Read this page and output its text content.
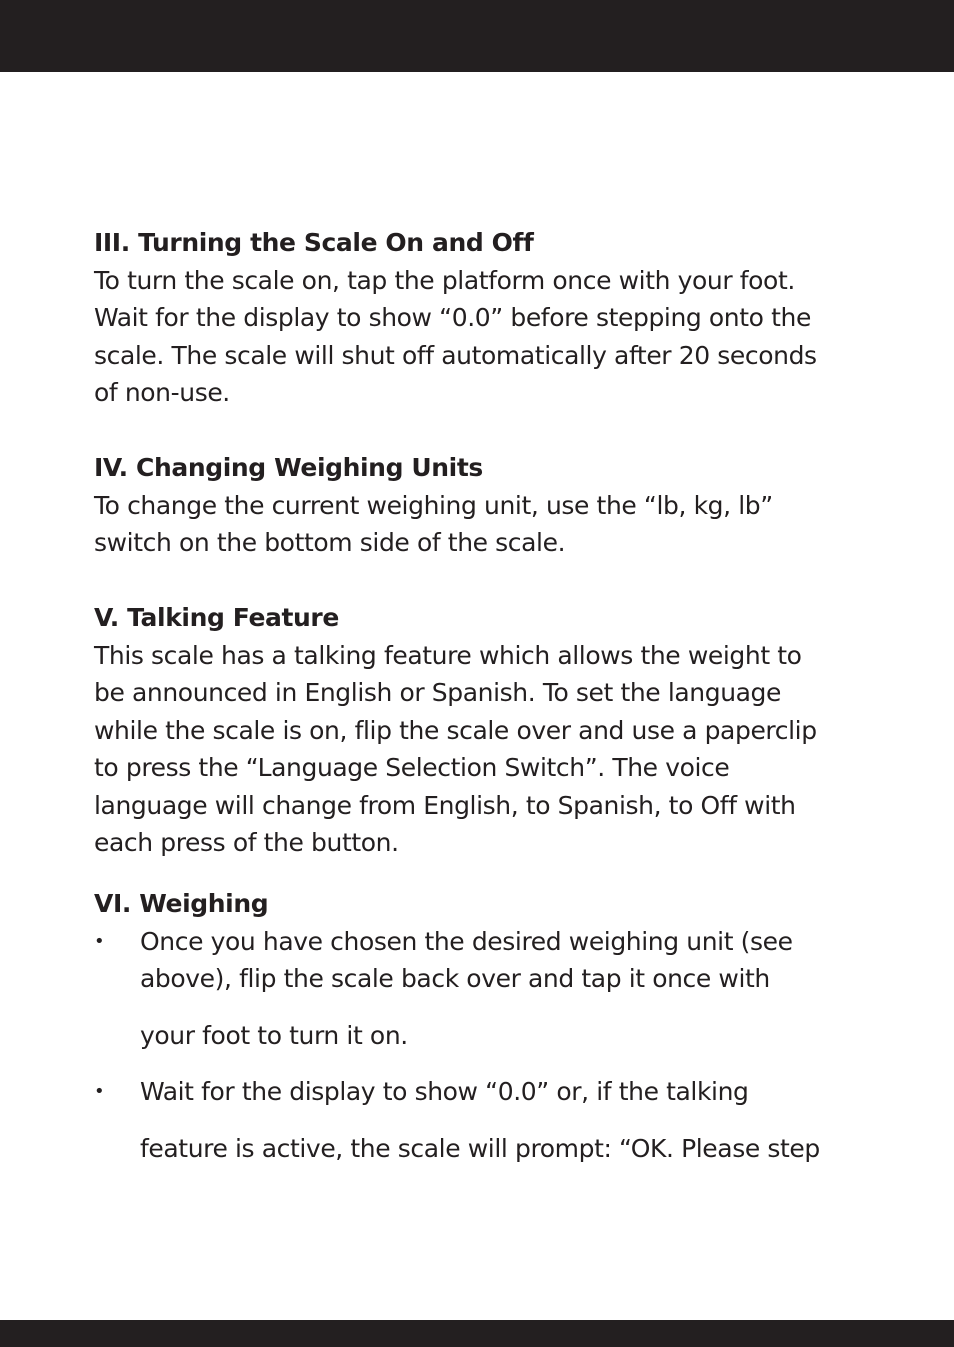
III. Turning the Scale On and Off

To turn the scale on, tap the platform once with your foot.
Wait for the display to show “0.0” before stepping onto the
scale. The scale will shut off automatically after 20 seconds
of non-use.

IV. Changing Weighing Units

To change the current weighing unit, use the “lb, kg, lb”
switch on the bottom side of the scale.

V. Talking Feature

This scale has a talking feature which allows the weight to
be announced in English or Spanish. To set the language
while the scale is on, flip the scale over and use a paperclip
to press the “Language Selection Switch”. The voice
language will change from English, to Spanish, to Off with
each press of the button.

VI. Weighing

• Once you have chosen the desired weighing unit (see
above), flip the scale back over and tap it once with
your foot to turn it on.
• Wait for the display to show “0.0” or, if the talking
feature is active, the scale will prompt: “OK. Please step
